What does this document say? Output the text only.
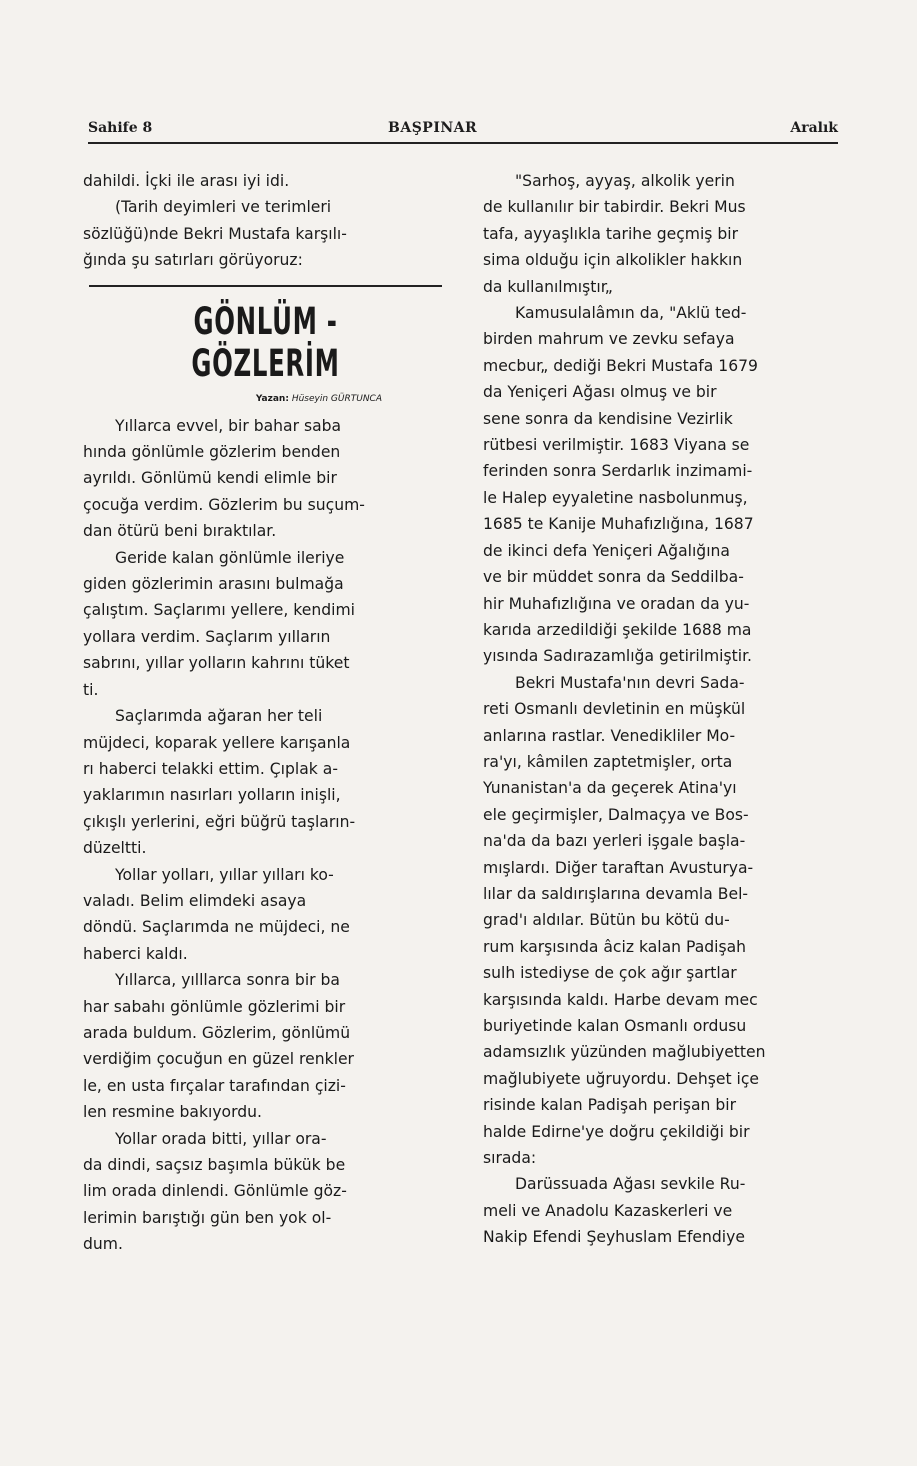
Sahife 8	BAŞPINAR	Aralık

dahildi. İçki ile arası iyi idi.

(Tarih deyimleri ve terimleri

sözlüğü)nde Bekri Mustafa karşılı-

ğında şu satırları görüyoruz:

GÖNLÜM - GÖZLERİM
Yazan: Hüseyin GÜRTUNCA

Yıllarca evvel, bir bahar saba

hında gönlümle gözlerim benden

ayrıldı. Gönlümü kendi elimle bir

çocuğa verdim. Gözlerim bu suçum-

dan ötürü beni bıraktılar.

Geride kalan gönlümle ileriye

giden gözlerimin arasını bulmağa

çalıştım. Saçlarımı yellere, kendimi

yollara verdim. Saçlarım yılların

sabrını, yıllar yolların kahrını tüket

ti.

Saçlarımda ağaran her teli

müjdeci, koparak yellere karışanla

rı haberci telakki ettim. Çıplak a-

yaklarımın nasırları yolların inişli,

çıkışlı yerlerini, eğri büğrü taşların-

düzeltti.

Yollar yolları, yıllar yılları ko-

valadı. Belim elimdeki asaya

döndü. Saçlarımda ne müjdeci, ne

haberci kaldı.

Yıllarca, yılllarca sonra bir ba

har sabahı gönlümle gözlerimi bir

arada buldum. Gözlerim, gönlümü

verdiğim çocuğun en güzel renkler

le, en usta fırçalar tarafından çizi-

len resmine bakıyordu.

Yollar orada bitti, yıllar ora-

da dindi, saçsız başımla bükük be

lim orada dinlendi. Gönlümle göz-

lerimin barıştığı gün ben yok ol-

dum.

"Sarhoş, ayyaş, alkolik yerin

de kullanılır bir tabirdir. Bekri Mus

tafa, ayyaşlıkla tarihe geçmiş bir

sima olduğu için alkolikler hakkın

da kullanılmıştır„

Kamusulalâmın da, "Aklü ted-

birden mahrum ve zevku sefaya

mecbur„ dediği Bekri Mustafa 1679

da Yeniçeri Ağası olmuş ve bir

sene sonra da kendisine Vezirlik

rütbesi verilmiştir. 1683 Viyana se

ferinden sonra Serdarlık inzimami-

le Halep eyyaletine nasbolunmuş,

1685 te Kanije Muhafızlığına, 1687

de ikinci defa Yeniçeri Ağalığına

ve bir müddet sonra da Seddilba-

hir Muhafızlığına ve oradan da yu-

karıda arzedildiği şekilde 1688 ma

yısında Sadırazamlığa getirilmiştir.

Bekri Mustafa'nın devri Sada-

reti Osmanlı devletinin en müşkül

anlarına rastlar. Venedikliler Mo-

ra'yı, kâmilen zaptetmişler, orta

Yunanistan'a da geçerek Atina'yı

ele geçirmişler, Dalmaçya ve Bos-

na'da da bazı yerleri işgale başla-

mışlardı. Diğer taraftan Avusturya-

lılar da saldırışlarına devamla Bel-

grad'ı aldılar. Bütün bu kötü du-

rum karşısında âciz kalan Padişah

sulh istediyse de çok ağır şartlar

karşısında kaldı. Harbe devam mec

buriyetinde kalan Osmanlı ordusu

adamsızlık yüzünden mağlubiyetten

mağlubiyete uğruyordu. Dehşet içe

risinde kalan Padişah perişan bir

halde Edirne'ye doğru çekildiği bir

sırada:

Darüssuada Ağası sevkile Ru-

meli ve Anadolu Kazaskerleri ve

Nakip Efendi Şeyhuslam Efendiye
